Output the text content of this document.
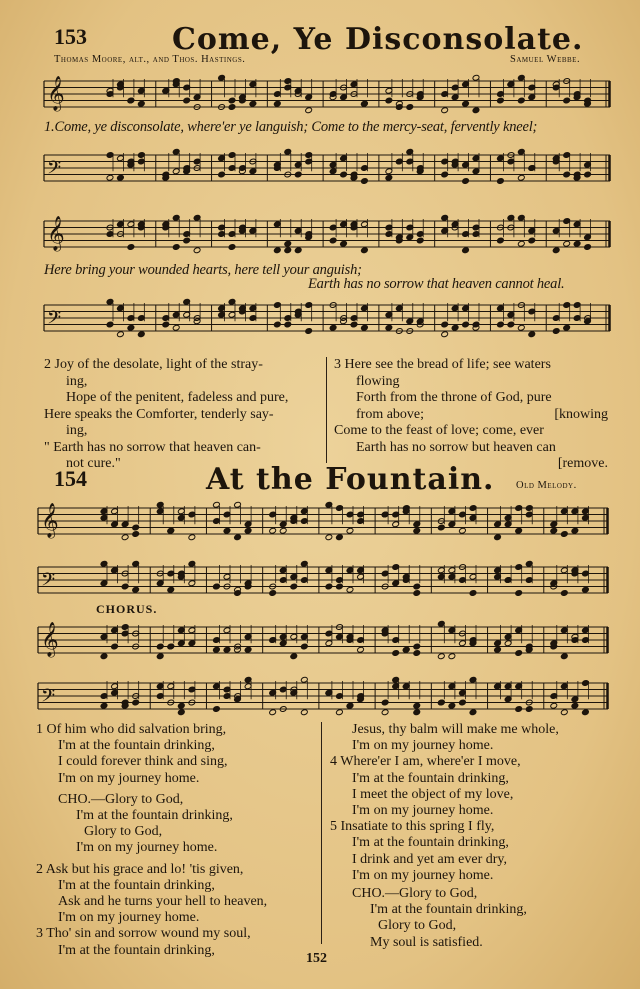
153	Come, Ye Disconsolate.
Thomas Moore, alt., and Thos. Hastings.	Samuel Webbe.
𝄞
1.Come, ye disconsolate, where'er ye languish; Come to the mercy-seat, fervently kneel;
𝄢
𝄞
Here bring your wounded hearts, here tell your anguish;
Earth has no sorrow that heaven cannot heal.
𝄢
2 Joy of the desolate, light of the stray-
ing,
Hope of the penitent, fadeless and pure,
Here speaks the Comforter, tenderly say-
ing,
" Earth has no sorrow that heaven can-
not cure."
3 Here see the bread of life; see waters
flowing
Forth from the throne of God, pure
from above;	[knowing
Come to the feast of love; come, ever
Earth has no sorrow but heaven can
[remove.
154	At the Fountain. Old Melody.
𝄞
𝄢
CHORUS.
𝄞
𝄢
1 Of him who did salvation bring,
I'm at the fountain drinking,
I could forever think and sing,
I'm on my journey home.
CHO.—Glory to God,
I'm at the fountain drinking,
Glory to God,
I'm on my journey home.
2 Ask but his grace and lo! 'tis given,
I'm at the fountain drinking,
Ask and he turns your hell to heaven,
I'm on my journey home.
3 Tho' sin and sorrow wound my soul,
I'm at the fountain drinking,
Jesus, thy balm will make me whole,
I'm on my journey home.
4 Where'er I am, where'er I move,
I'm at the fountain drinking,
I meet the object of my love,
I'm on my journey home.
5 Insatiate to this spring I fly,
I'm at the fountain drinking,
I drink and yet am ever dry,
I'm on my journey home.
CHO.—Glory to God,
I'm at the fountain drinking,
Glory to God,
My soul is satisfied.
152
